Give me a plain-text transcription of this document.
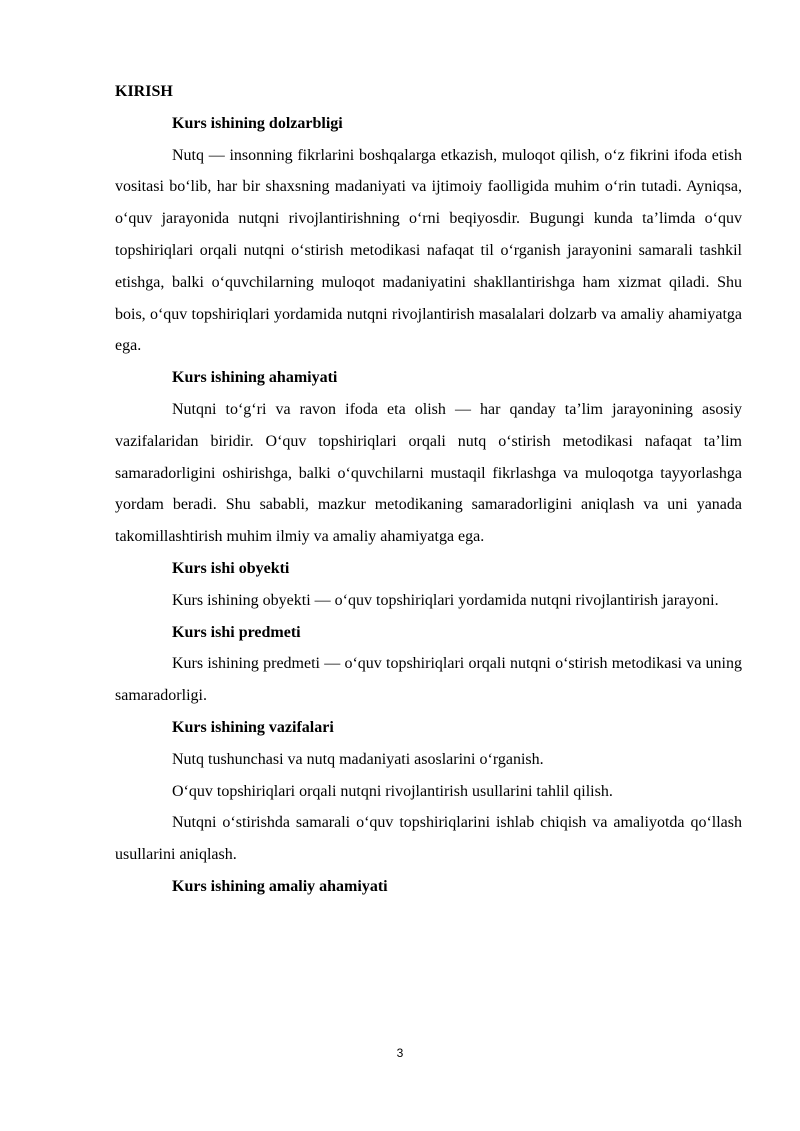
KIRISH

Kurs ishining dolzarbligi

Nutq — insonning fikrlarini boshqalarga etkazish, muloqot qilish, o‘z fikrini ifoda etish vositasi bo‘lib, har bir shaxsning madaniyati va ijtimoiy faolligida muhim o‘rin tutadi. Ayniqsa, o‘quv jarayonida nutqni rivojlantirishning o‘rni beqiyosdir. Bugungi kunda ta’limda o‘quv topshiriqlari orqali nutqni o‘stirish metodikasi nafaqat til o‘rganish jarayonini samarali tashkil etishga, balki o‘quvchilarning muloqot madaniyatini shakllantirishga ham xizmat qiladi. Shu bois, o‘quv topshiriqlari yordamida nutqni rivojlantirish masalalari dolzarb va amaliy ahamiyatga ega.

Kurs ishining ahamiyati

Nutqni to‘g‘ri va ravon ifoda eta olish — har qanday ta’lim jarayonining asosiy vazifalaridan biridir. O‘quv topshiriqlari orqali nutq o‘stirish metodikasi nafaqat ta’lim samaradorligini oshirishga, balki o‘quvchilarni mustaqil fikrlashga va muloqotga tayyorlashga yordam beradi. Shu sababli, mazkur metodikaning samaradorligini aniqlash va uni yanada takomillashtirish muhim ilmiy va amaliy ahamiyatga ega.

Kurs ishi obyekti

Kurs ishining obyekti — o‘quv topshiriqlari yordamida nutqni rivojlantirish jarayoni.

Kurs ishi predmeti

Kurs ishining predmeti — o‘quv topshiriqlari orqali nutqni o‘stirish metodikasi va uning samaradorligi.

Kurs ishining vazifalari

Nutq tushunchasi va nutq madaniyati asoslarini o‘rganish.

O‘quv topshiriqlari orqali nutqni rivojlantirish usullarini tahlil qilish.

Nutqni o‘stirishda samarali o‘quv topshiriqlarini ishlab chiqish va amaliyotda qo‘llash usullarini aniqlash.

Kurs ishining amaliy ahamiyati

3
